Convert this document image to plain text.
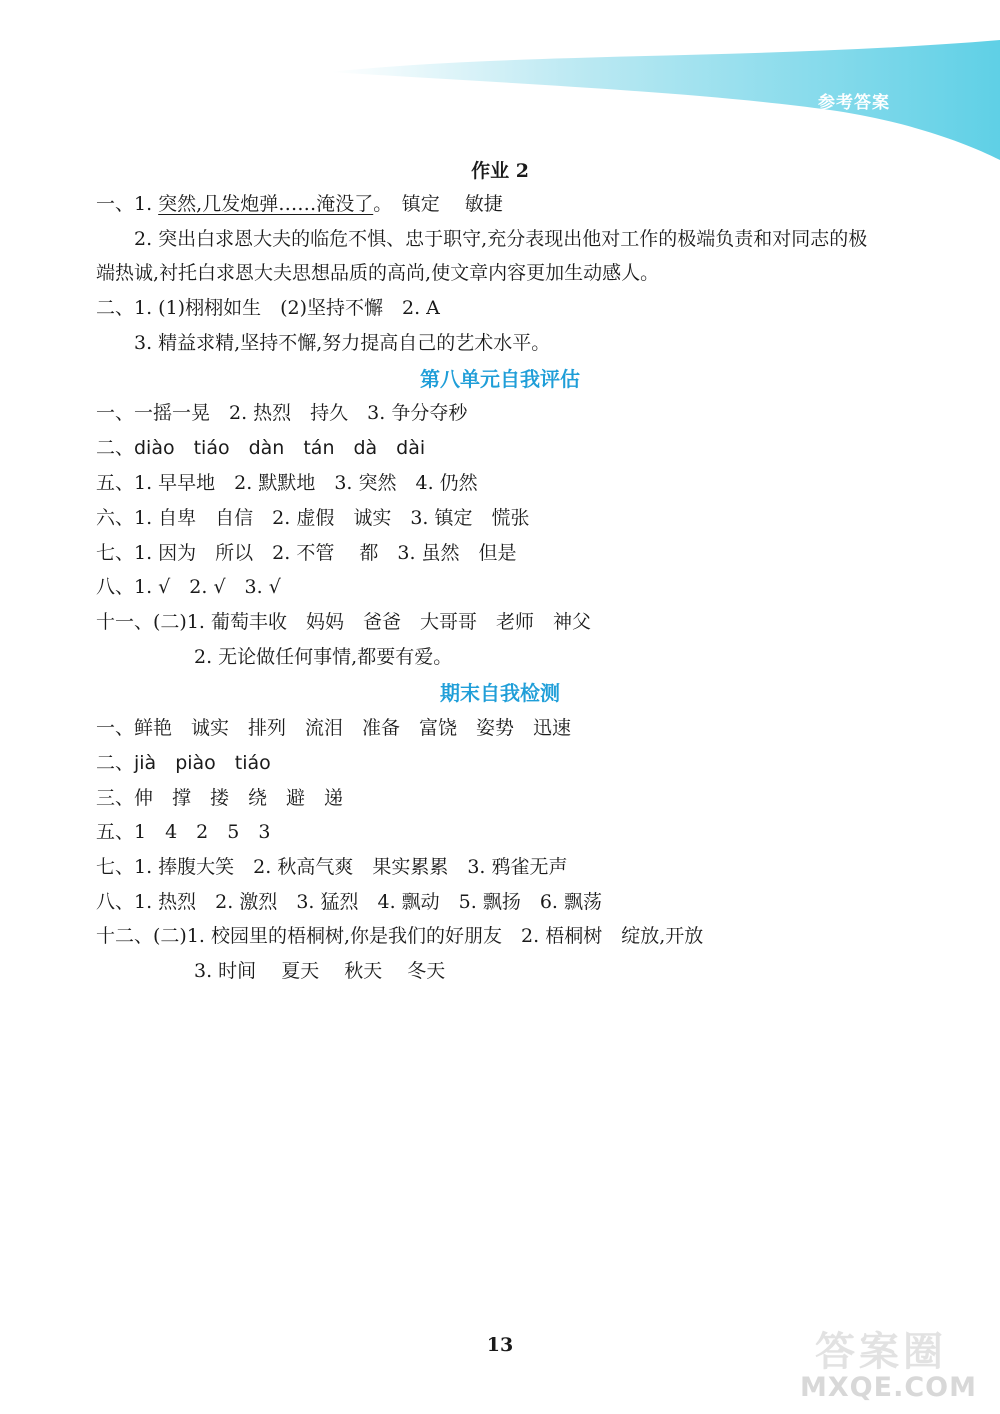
参考答案
作业 2
一、1. 突然,几发炮弹……淹没了。　镇定　 敏捷
2. 突出白求恩大夫的临危不惧、忠于职守,充分表现出他对工作的极端负责和对同志的极
端热诚,衬托白求恩大夫思想品质的高尚,使文章内容更加生动感人。
二、1. (1)栩栩如生　(2)坚持不懈　2. A
3. 精益求精,坚持不懈,努力提高自己的艺术水平。
第八单元自我评估
一、一摇一晃　2. 热烈　持久　3. 争分夺秒
二、diào　tiáo　dàn　tán　dà　dài
五、1. 早早地　2. 默默地　3. 突然　4. 仍然
六、1. 自卑　自信　2. 虚假　诚实　3. 镇定　慌张
七、1. 因为　所以　2. 不管　 都　3. 虽然　但是
八、1. √　2. √　3. √
十一、(二)1. 葡萄丰收　妈妈　爸爸　大哥哥　老师　神父
2. 无论做任何事情,都要有爱。
期末自我检测
一、鲜艳　诚实　排列　流泪　准备　富饶　姿势　迅速
二、jià　piào　tiáo
三、伸　撑　搂　绕　避　递
五、1　4　2　5　3
七、1. 捧腹大笑　2. 秋高气爽　果实累累　3. 鸦雀无声
八、1. 热烈　2. 激烈　3. 猛烈　4. 飘动　5. 飘扬　6. 飘荡
十二、(二)1. 校园里的梧桐树,你是我们的好朋友　2. 梧桐树　绽放,开放
3. 时间　 夏天　 秋天　 冬天
13	答案圈
MXQE.COM
